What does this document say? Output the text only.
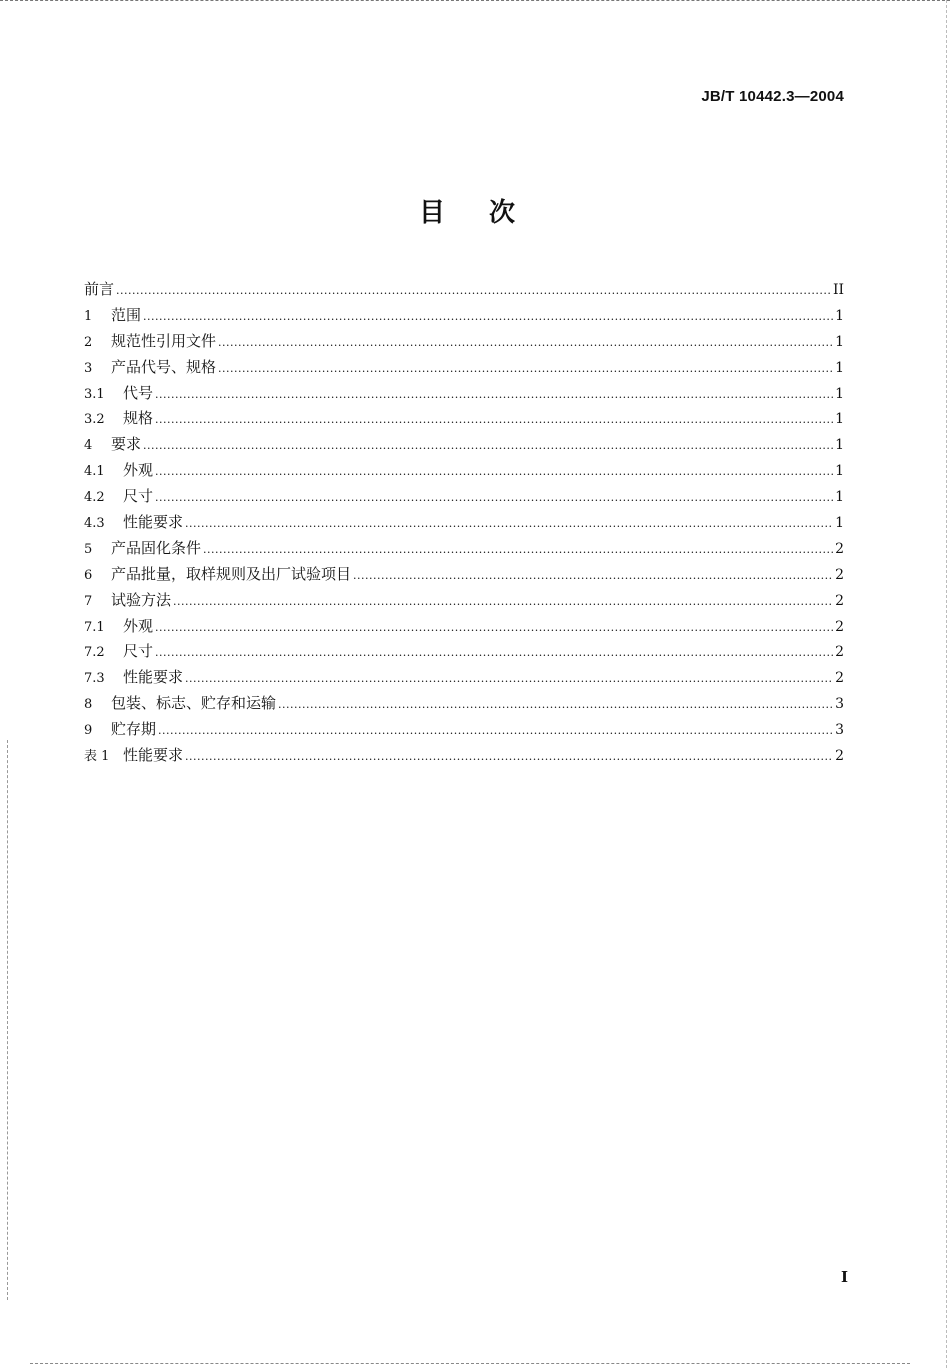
JB/T 10442.3—2004
目 次
前言 .....	II
1	范围 .....	1
2	规范性引用文件 .....	1
3	产品代号、规格 .....	1
3.1	代号 .....	1
3.2	规格 .....	1
4	要求 .....	1
4.1	外观 .....	1
4.2	尺寸 .....	1
4.3	性能要求 .....	1
5	产品固化条件 .....	2
6	产品批量，取样规则及出厂试验项目 .....	2
7	试验方法 .....	2
7.1	外观 .....	2
7.2	尺寸 .....	2
7.3	性能要求 .....	2
8	包装、标志、贮存和运输 .....	3
9	贮存期 .....	3
表 1 性能要求 .....	2
I
